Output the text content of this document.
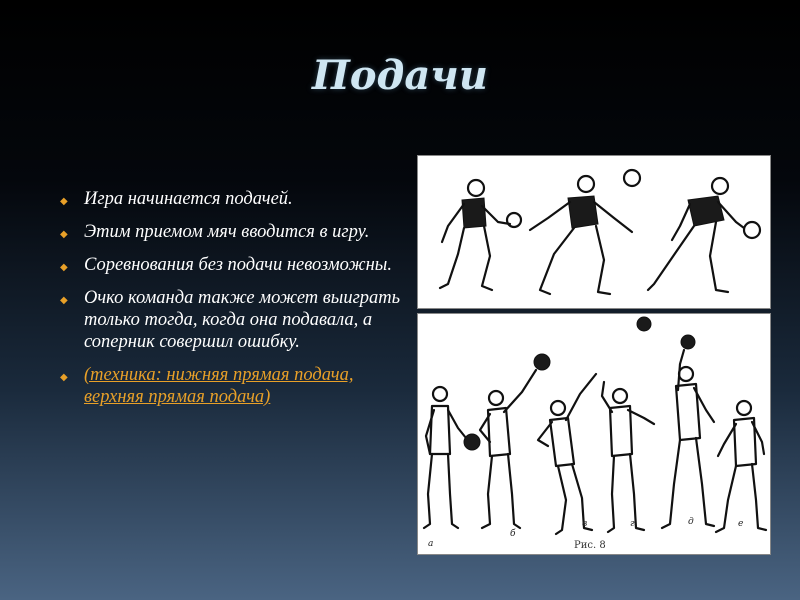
Подачи
◆ Игра начинается подачей.
◆ Этим приемом мяч вводится в игру.
◆ Соревнования без подачи невозможны.
◆ Очко команда также может выиграть только тогда, когда она подавала, а соперник совершил ошибку.
◆ (техника: нижняя прямая подача, верхняя прямая подача)
а
б
в	г	д	е
Рис. 8
